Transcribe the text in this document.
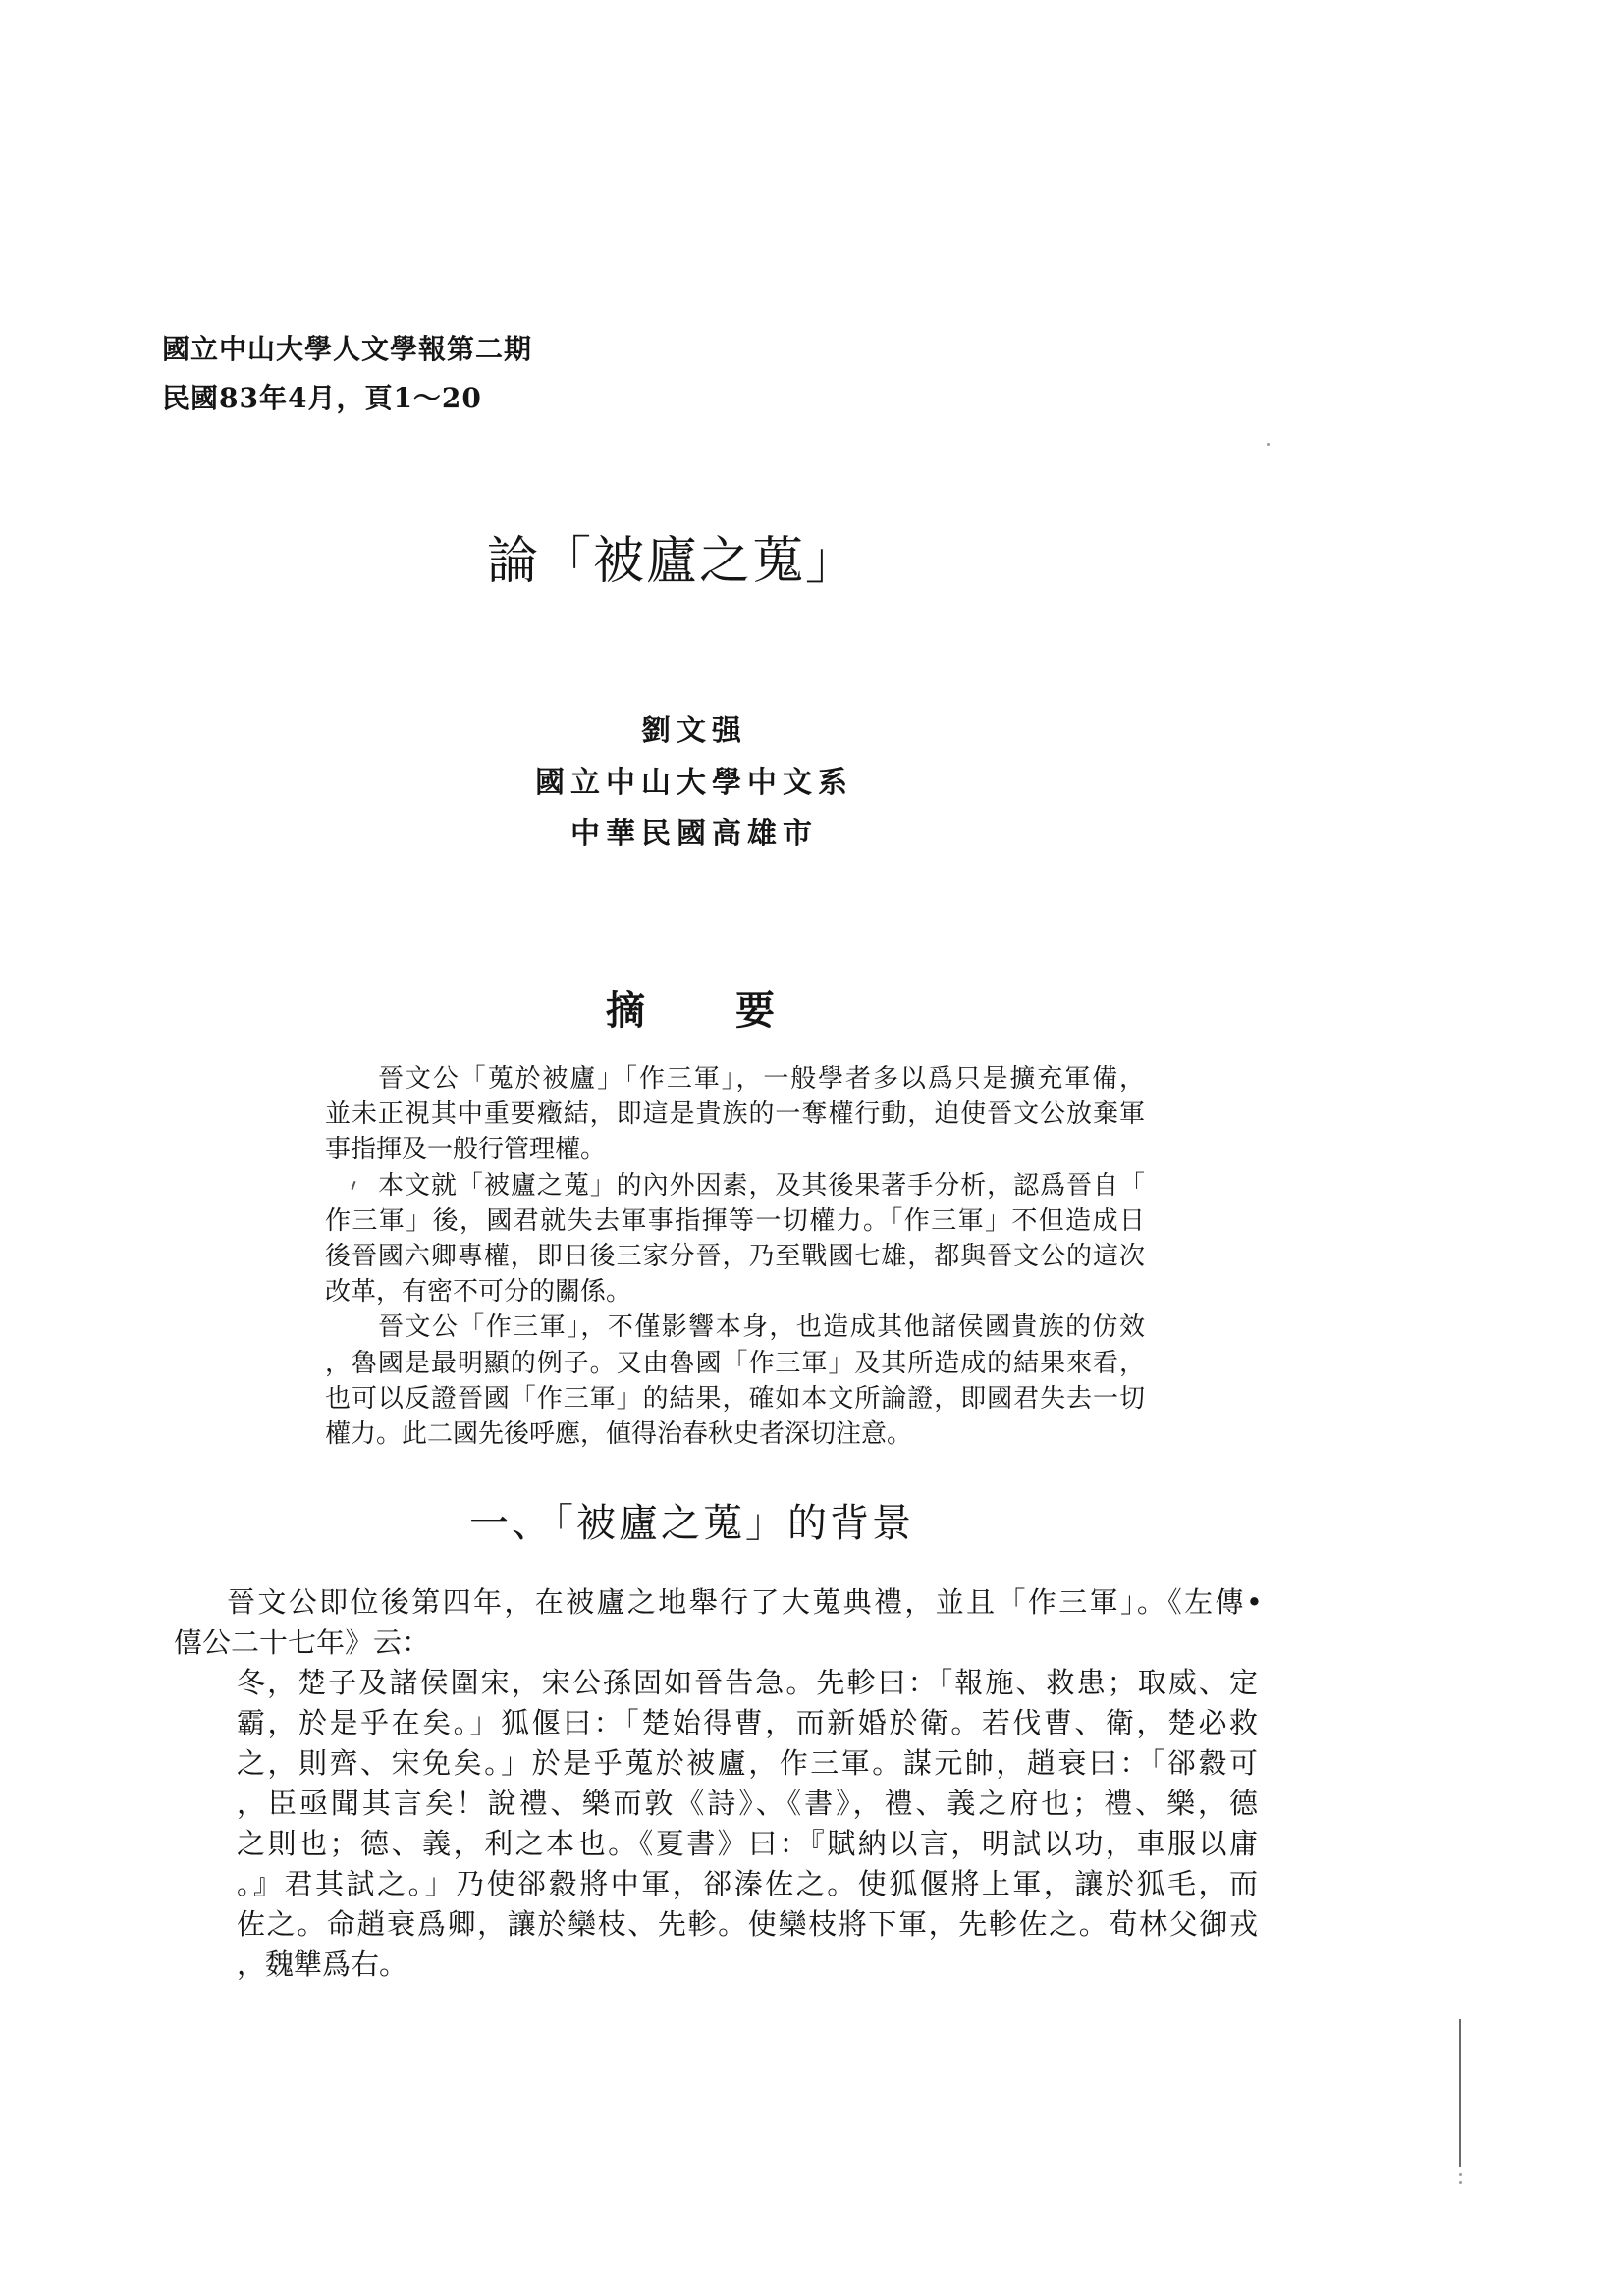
國立中山大學人文學報第二期
民國83年4月，頁1～20
論「被廬之蒐」
劉文强
國立中山大學中文系
中華民國高雄市
摘　要
晉文公「蒐於被廬」「作三軍」，一般學者多以爲只是擴充軍備，
並未正視其中重要癥結，即這是貴族的一奪權行動，迫使晉文公放棄軍
事指揮及一般行管理權。
本文就「被廬之蒐」的內外因素，及其後果著手分析，認爲晉自「
作三軍」後，國君就失去軍事指揮等一切權力。「作三軍」不但造成日
後晉國六卿專權，即日後三家分晉，乃至戰國七雄，都與晉文公的這次
改革，有密不可分的關係。
晉文公「作三軍」，不僅影響本身，也造成其他諸侯國貴族的仿效
，魯國是最明顯的例子。又由魯國「作三軍」及其所造成的結果來看，
也可以反證晉國「作三軍」的結果，確如本文所論證，即國君失去一切
權力。此二國先後呼應，値得治春秋史者深切注意。
一、「被廬之蒐」的背景
晉文公即位後第四年，在被廬之地舉行了大蒐典禮，並且「作三軍」。《左傳•
僖公二十七年》云：
冬，楚子及諸侯圍宋，宋公孫固如晉告急。先軫曰：「報施、救患；取威、定
霸，於是乎在矣。」狐偃曰：「楚始得曹，而新婚於衛。若伐曹、衛，楚必救
之，則齊、宋免矣。」於是乎蒐於被廬，作三軍。謀元帥，趙衰曰：「郤縠可
，臣亟聞其言矣！說禮、樂而敦《詩》、《書》，禮、義之府也；禮、樂，德
之則也；德、義，利之本也。《夏書》曰：『賦納以言，明試以功，車服以庸
。』君其試之。」乃使郤縠將中軍，郤溱佐之。使狐偃將上軍，讓於狐毛，而
佐之。命趙衰爲卿，讓於欒枝、先軫。使欒枝將下軍，先軫佐之。荀林父御戎
，魏犨爲右。
